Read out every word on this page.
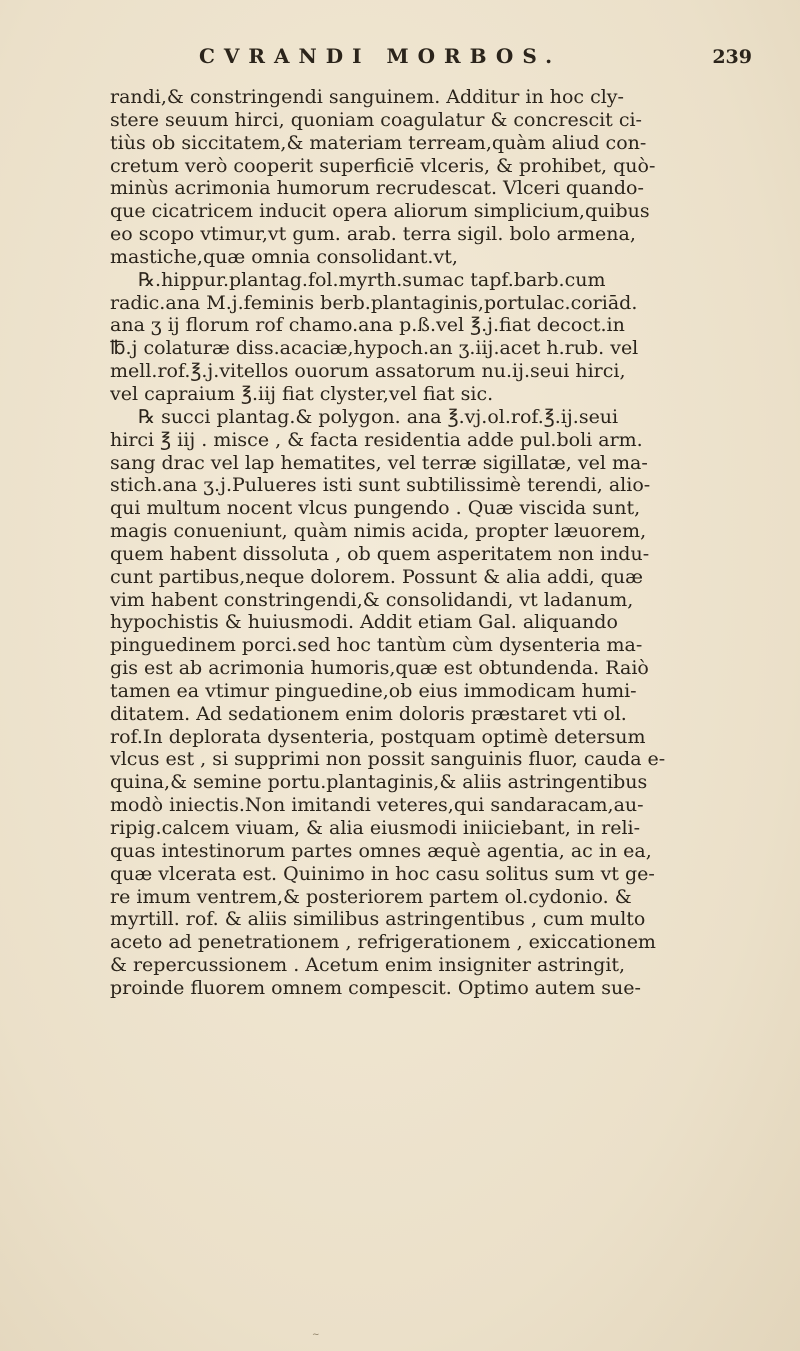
CVRANDI MORBOS.	239
randi,& constringendi sanguinem. Additur in hoc cly-
stere seuum hirci, quoniam coagulatur & concrescit ci-
tiùs ob siccitatem,& materiam terream,quàm aliud con-
cretum verò cooperit superficiē vlceris, & prohibet, quò-
minùs acrimonia humorum recrudescat. Vlceri quando-
que cicatricem inducit opera aliorum simplicium,quibus
eo scopo vtimur,vt gum. arab. terra sigil. bolo armena,
mastiche,quæ omnia consolidant.vt,
℞.hippur.plantag.fol.myrth.sumac tapf.barb.cum
radic.ana M.j.feminis berb.plantaginis,portulac.coriād.
ana ʒ ij florum rof chamo.ana p.ß.vel ℥.j.fiat decoct.in
℔.j colaturæ diss.acaciæ,hypoch.an ʒ.iij.acet h.rub. vel
mell.rof.℥.j.vitellos ouorum assatorum nu.ij.seui hirci,
vel capraium ℥.iij fiat clyster,vel fiat sic.
℞ succi plantag.& polygon. ana ℥.vj.ol.rof.℥.ij.seui
hirci ℥ iij . misce , & facta residentia adde pul.boli arm.
sang drac vel lap hematites, vel terræ sigillatæ, vel ma-
stich.ana ʒ.j.Pulueres isti sunt subtilissimè terendi, alio-
qui multum nocent vlcus pungendo . Quæ viscida sunt,
magis conueniunt, quàm nimis acida, propter læuorem,
quem habent dissoluta , ob quem asperitatem non indu-
cunt partibus,neque dolorem. Possunt & alia addi, quæ
vim habent constringendi,& consolidandi, vt ladanum,
hypochistis & huiusmodi. Addit etiam Gal. aliquando
pinguedinem porci.sed hoc tantùm cùm dysenteria ma-
gis est ab acrimonia humoris,quæ est obtundenda. Raiò
tamen ea vtimur pinguedine,ob eius immodicam humi-
ditatem. Ad sedationem enim doloris præstaret vti ol.
rof.In deplorata dysenteria, postquam optimè detersum
vlcus est , si supprimi non possit sanguinis fluor, cauda e-
quina,& semine portu.plantaginis,& aliis astringentibus
modò iniectis.Non imitandi veteres,qui sandaracam,au-
ripig.calcem viuam, & alia eiusmodi iniiciebant, in reli-
quas intestinorum partes omnes æquè agentia, ac in ea,
quæ vlcerata est. Quinimo in hoc casu solitus sum vt ge-
re imum ventrem,& posteriorem partem ol.cydonio. &
myrtill. rof. & aliis similibus astringentibus , cum multo
aceto ad penetrationem , refrigerationem , exiccationem
& repercussionem . Acetum enim insigniter astringit,
proinde fluorem omnem compescit. Optimo autem sue-
~
